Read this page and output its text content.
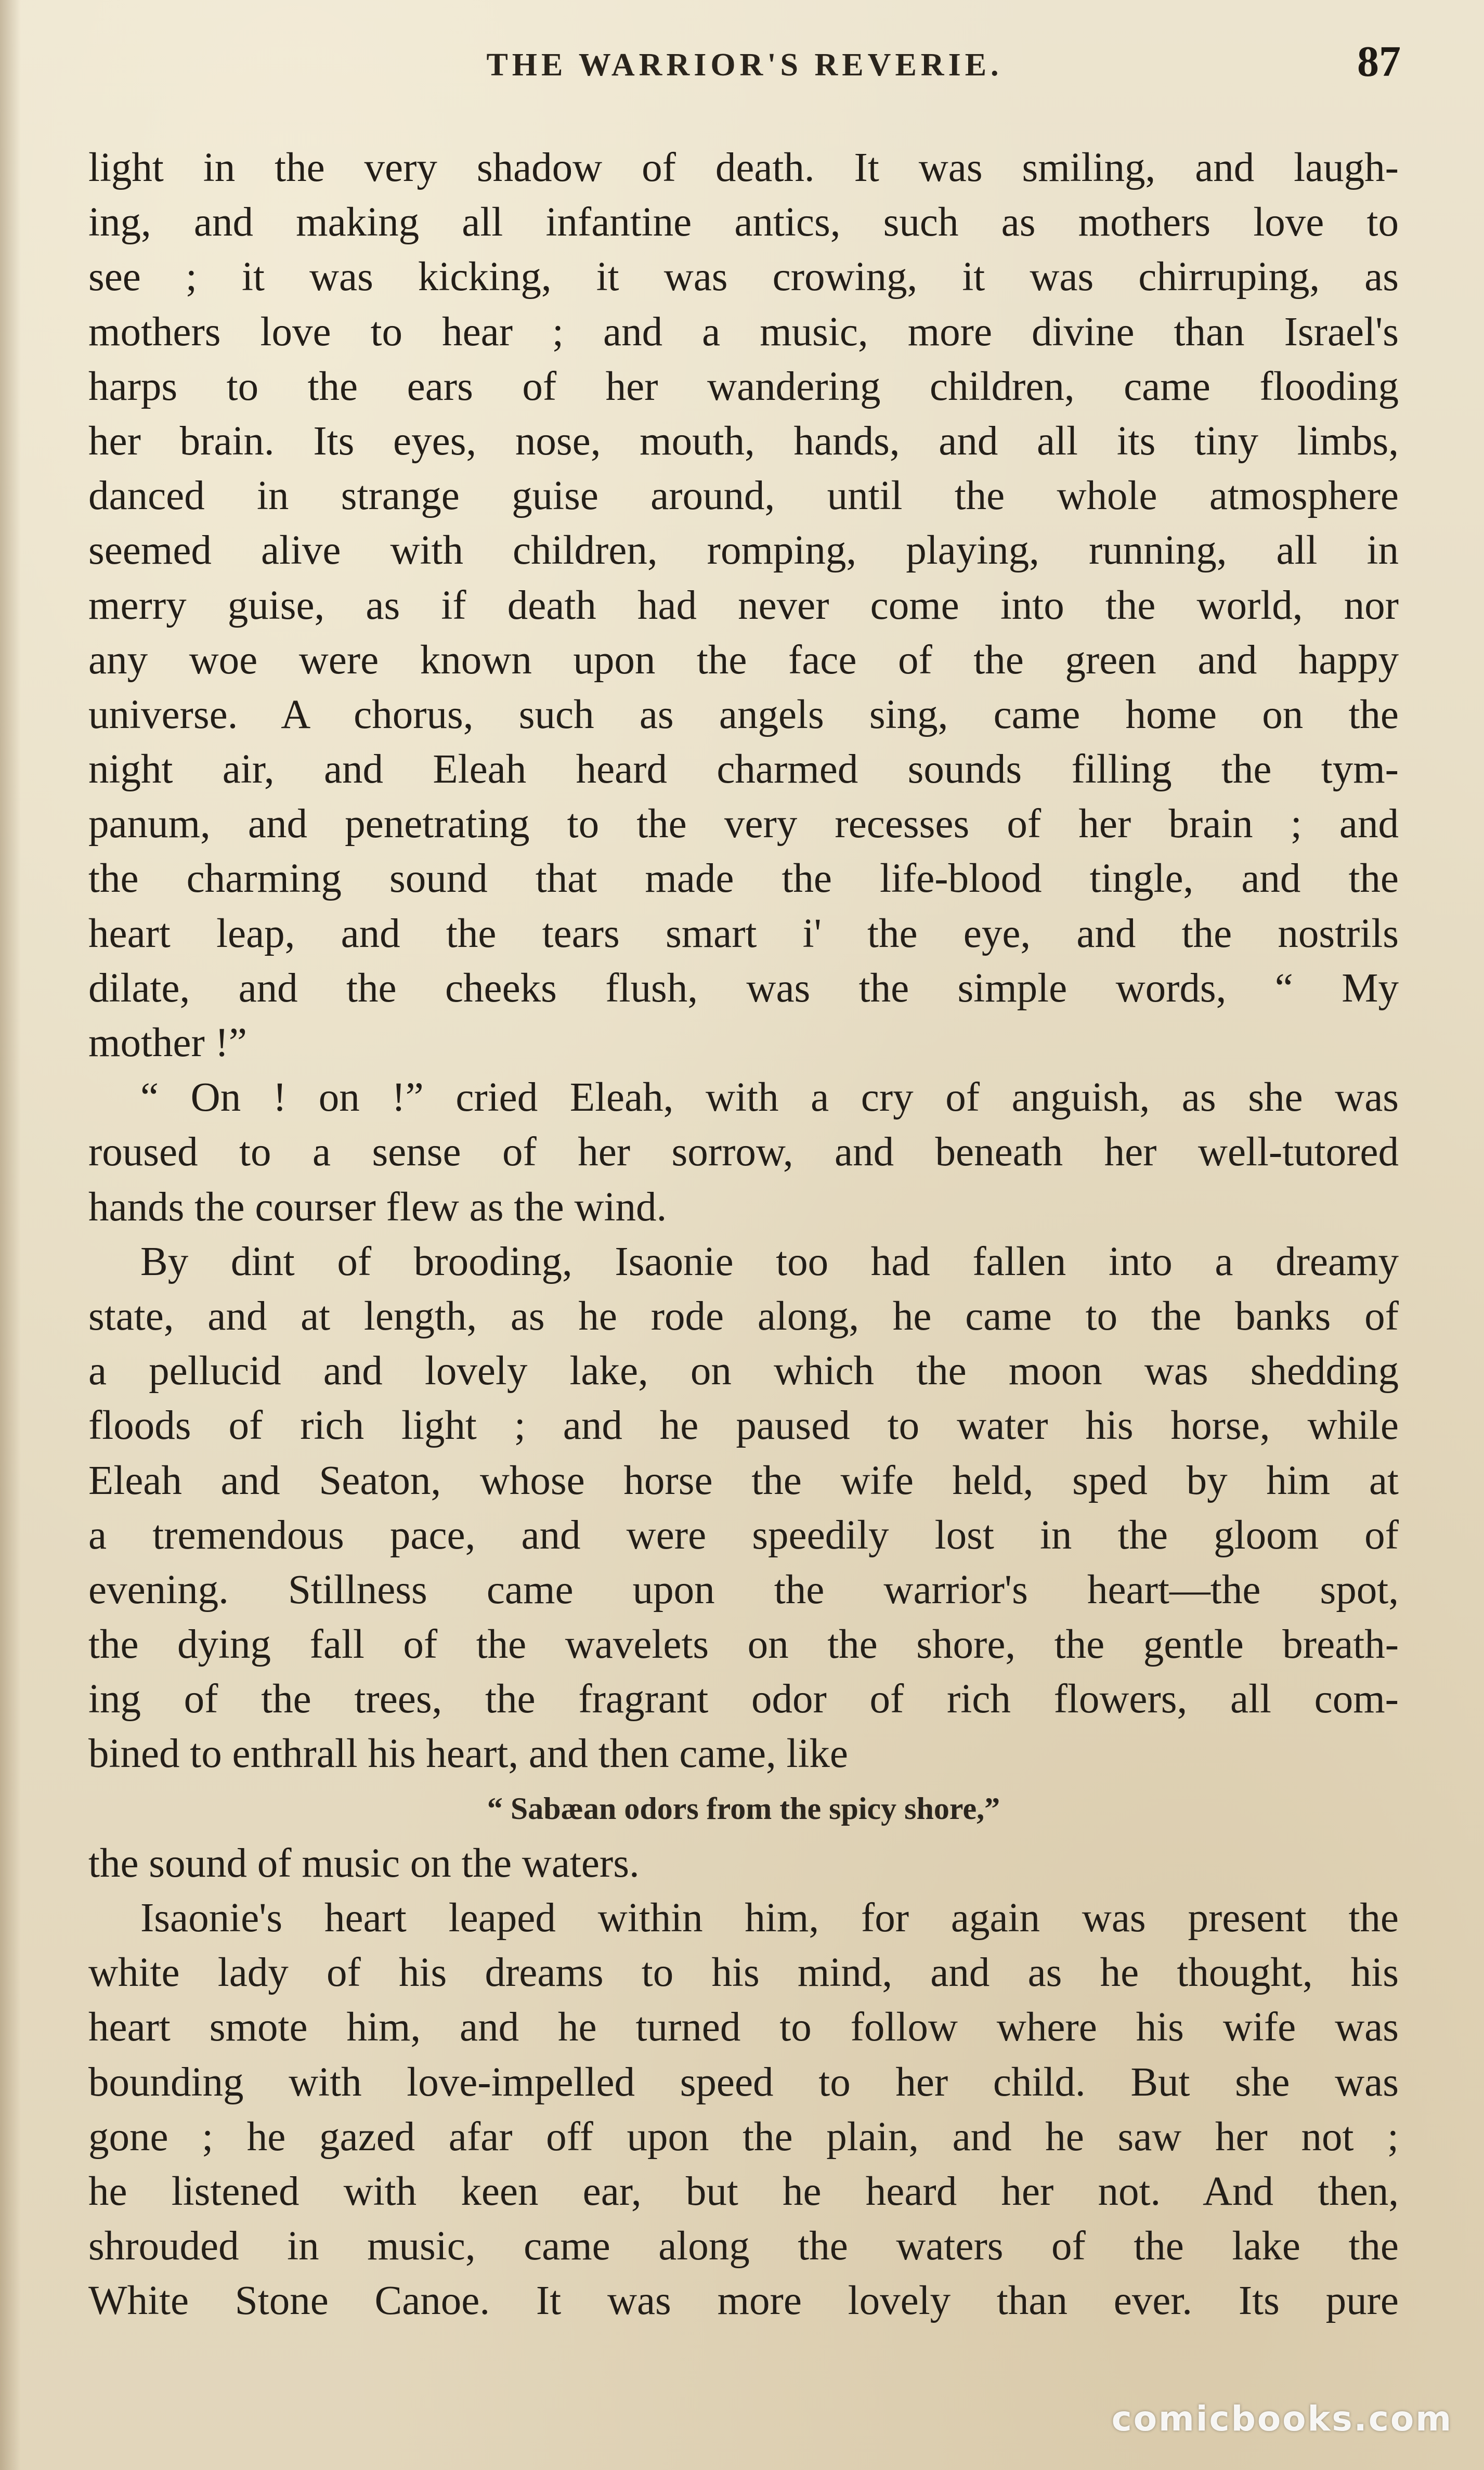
THE WARRIOR'S REVERIE.	87
light in the very shadow of death. It was smiling, and laugh-
ing, and making all infantine antics, such as mothers love to
see ; it was kicking, it was crowing, it was chirruping, as
mothers love to hear ; and a music, more divine than Israel's
harps to the ears of her wandering children, came flooding
her brain. Its eyes, nose, mouth, hands, and all its tiny limbs,
danced in strange guise around, until the whole atmosphere
seemed alive with children, romping, playing, running, all in
merry guise, as if death had never come into the world, nor
any woe were known upon the face of the green and happy
universe. A chorus, such as angels sing, came home on the
night air, and Eleah heard charmed sounds filling the tym-
panum, and penetrating to the very recesses of her brain ; and
the charming sound that made the life-blood tingle, and the
heart leap, and the tears smart i' the eye, and the nostrils
dilate, and the cheeks flush, was the simple words, “ My
mother !”
“ On ! on !” cried Eleah, with a cry of anguish, as she was
roused to a sense of her sorrow, and beneath her well-tutored
hands the courser flew as the wind.
By dint of brooding, Isaonie too had fallen into a dreamy
state, and at length, as he rode along, he came to the banks of
a pellucid and lovely lake, on which the moon was shedding
floods of rich light ; and he paused to water his horse, while
Eleah and Seaton, whose horse the wife held, sped by him at
a tremendous pace, and were speedily lost in the gloom of
evening. Stillness came upon the warrior's heart—the spot,
the dying fall of the wavelets on the shore, the gentle breath-
ing of the trees, the fragrant odor of rich flowers, all com-
bined to enthrall his heart, and then came, like
“ Sabæan odors from the spicy shore,”
the sound of music on the waters.
Isaonie's heart leaped within him, for again was present the
white lady of his dreams to his mind, and as he thought, his
heart smote him, and he turned to follow where his wife was
bounding with love-impelled speed to her child. But she was
gone ; he gazed afar off upon the plain, and he saw her not ;
he listened with keen ear, but he heard her not. And then,
shrouded in music, came along the waters of the lake the
White Stone Canoe. It was more lovely than ever. Its pure
comicbooks.com
